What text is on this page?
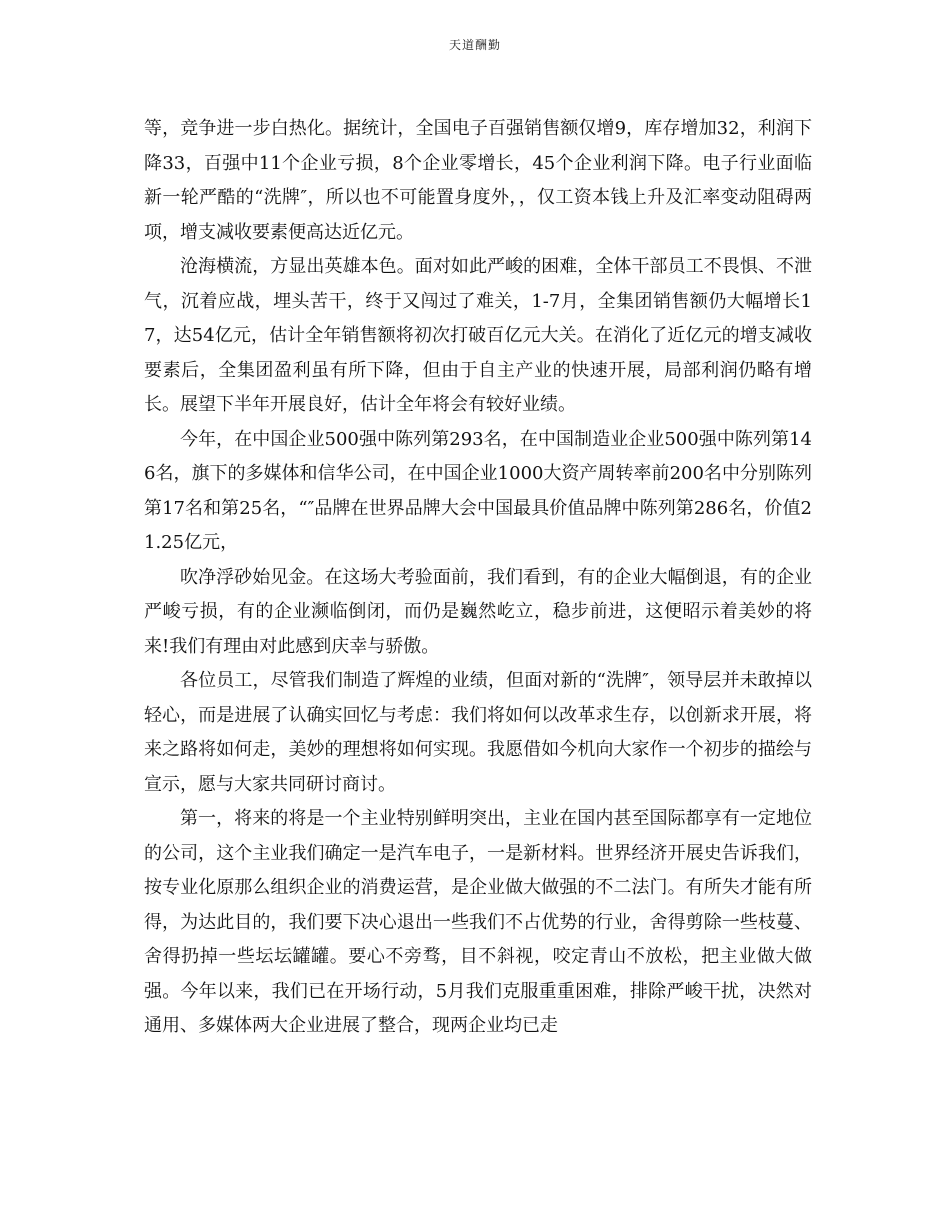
天道酬勤

等，竞争进一步白热化。据统计，全国电子百强销售额仅增9，库存增加32，利润下降33，百强中11个企业亏损，8个企业零增长，45个企业利润下降。电子行业面临新一轮严酷的“洗牌″，所以也不可能置身度外，，仅工资本钱上升及汇率变动阻碍两项，增支减收要素便高达近亿元。

沧海横流，方显出英雄本色。面对如此严峻的困难，全体干部员工不畏惧、不泄气，沉着应战，埋头苦干，终于又闯过了难关，1-7月，全集团销售额仍大幅增长17，达54亿元，估计全年销售额将初次打破百亿元大关。在消化了近亿元的增支减收要素后，全集团盈利虽有所下降，但由于自主产业的快速开展，局部利润仍略有增长。展望下半年开展良好，估计全年将会有较好业绩。

今年，在中国企业500强中陈列第293名，在中国制造业企业500强中陈列第146名，旗下的多媒体和信华公司，在中国企业1000大资产周转率前200名中分别陈列第17名和第25名，“″品牌在世界品牌大会中国最具价值品牌中陈列第286名，价值21.25亿元，

吹净浮砂始见金。在这场大考验面前，我们看到，有的企业大幅倒退，有的企业严峻亏损，有的企业濒临倒闭，而仍是巍然屹立，稳步前进，这便昭示着美妙的将来!我们有理由对此感到庆幸与骄傲。

各位员工，尽管我们制造了辉煌的业绩，但面对新的“洗牌″，领导层并未敢掉以轻心，而是进展了认确实回忆与考虑：我们将如何以改革求生存，以创新求开展，将来之路将如何走，美妙的理想将如何实现。我愿借如今机向大家作一个初步的描绘与宣示，愿与大家共同研讨商讨。

第一，将来的将是一个主业特别鲜明突出，主业在国内甚至国际都享有一定地位的公司，这个主业我们确定一是汽车电子，一是新材料。世界经济开展史告诉我们，按专业化原那么组织企业的消费运营，是企业做大做强的不二法门。有所失才能有所得，为达此目的，我们要下决心退出一些我们不占优势的行业，舍得剪除一些枝蔓、舍得扔掉一些坛坛罐罐。要心不旁骛，目不斜视，咬定青山不放松，把主业做大做强。今年以来，我们已在开场行动，5月我们克服重重困难，排除严峻干扰，决然对通用、多媒体两大企业进展了整合，现两企业均已走
